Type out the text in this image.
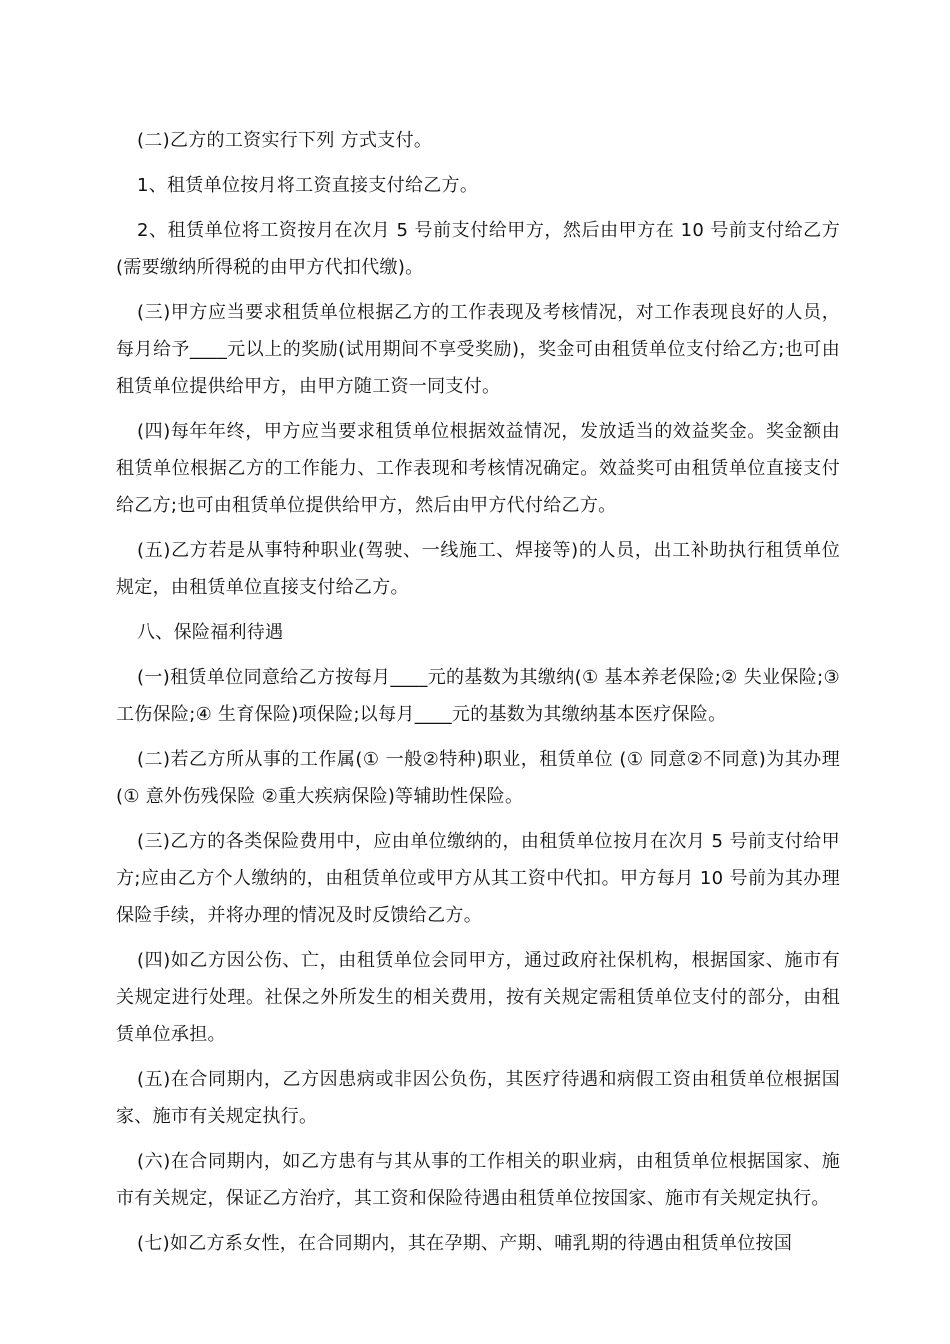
(二)乙方的工资实行下列 方式支付。

1、租赁单位按月将工资直接支付给乙方。

2、租赁单位将工资按月在次月 5 号前支付给甲方，然后由甲方在 10 号前支付给乙方(需要缴纳所得税的由甲方代扣代缴)。

(三)甲方应当要求租赁单位根据乙方的工作表现及考核情况，对工作表现良好的人员，每月给予____元以上的奖励(试用期间不享受奖励)，奖金可由租赁单位支付给乙方;也可由租赁单位提供给甲方，由甲方随工资一同支付。

(四)每年年终，甲方应当要求租赁单位根据效益情况，发放适当的效益奖金。奖金额由租赁单位根据乙方的工作能力、工作表现和考核情况确定。效益奖可由租赁单位直接支付给乙方;也可由租赁单位提供给甲方，然后由甲方代付给乙方。

(五)乙方若是从事特种职业(驾驶、一线施工、焊接等)的人员，出工补助执行租赁单位规定，由租赁单位直接支付给乙方。

八、保险福利待遇

(一)租赁单位同意给乙方按每月____元的基数为其缴纳(① 基本养老保险;② 失业保险;③ 工伤保险;④ 生育保险)项保险;以每月____元的基数为其缴纳基本医疗保险。

(二)若乙方所从事的工作属(① 一般②特种)职业，租赁单位 (① 同意②不同意)为其办理 (① 意外伤残保险 ②重大疾病保险)等辅助性保险。

(三)乙方的各类保险费用中，应由单位缴纳的，由租赁单位按月在次月 5 号前支付给甲方;应由乙方个人缴纳的，由租赁单位或甲方从其工资中代扣。甲方每月 10 号前为其办理保险手续，并将办理的情况及时反馈给乙方。

(四)如乙方因公伤、亡，由租赁单位会同甲方，通过政府社保机构，根据国家、施市有关规定进行处理。社保之外所发生的相关费用，按有关规定需租赁单位支付的部分，由租赁单位承担。

(五)在合同期内，乙方因患病或非因公负伤，其医疗待遇和病假工资由租赁单位根据国家、施市有关规定执行。

(六)在合同期内，如乙方患有与其从事的工作相关的职业病，由租赁单位根据国家、施市有关规定，保证乙方治疗，其工资和保险待遇由租赁单位按国家、施市有关规定执行。

(七)如乙方系女性，在合同期内，其在孕期、产期、哺乳期的待遇由租赁单位按国
